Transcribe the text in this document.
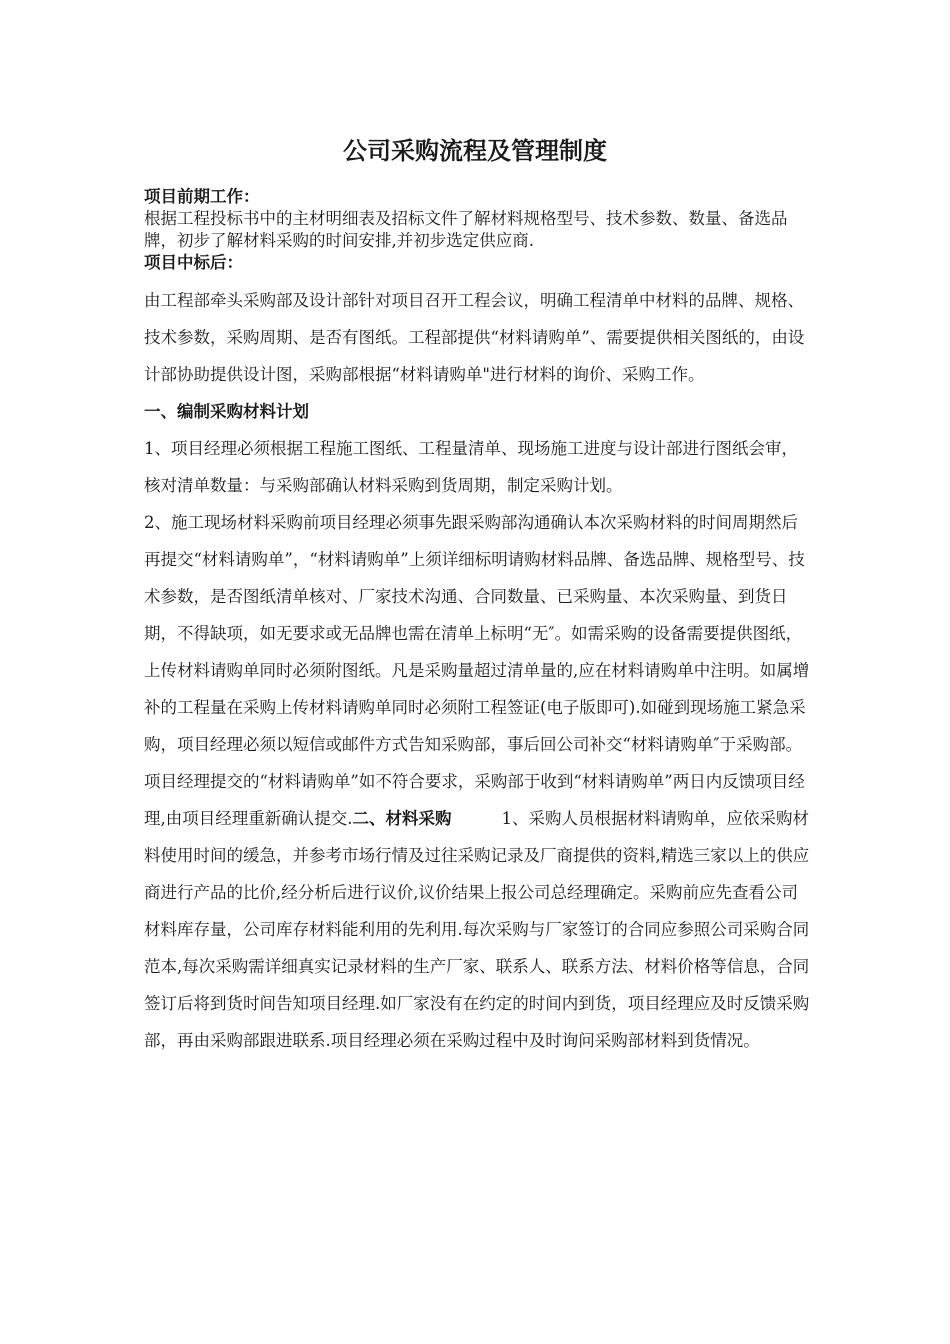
公司采购流程及管理制度

项目前期工作：

根据工程投标书中的主材明细表及招标文件了解材料规格型号、技术参数、数量、备选品牌，初步了解材料采购的时间安排,并初步选定供应商.

项目中标后：

由工程部牵头采购部及设计部针对项目召开工程会议，明确工程清单中材料的品牌、规格、技术参数，采购周期、是否有图纸。工程部提供“材料请购单”、需要提供相关图纸的，由设计部协助提供设计图，采购部根据“材料请购单"进行材料的询价、采购工作。

一、编制采购材料计划

1、项目经理必须根据工程施工图纸、工程量清单、现场施工进度与设计部进行图纸会审，核对清单数量：与采购部确认材料采购到货周期，制定采购计划。

2、施工现场材料采购前项目经理必须事先跟采购部沟通确认本次采购材料的时间周期然后再提交“材料请购单”，“材料请购单”上须详细标明请购材料品牌、备选品牌、规格型号、技术参数，是否图纸清单核对、厂家技术沟通、合同数量、已采购量、本次采购量、到货日期，不得缺项，如无要求或无品牌也需在清单上标明“无″。如需采购的设备需要提供图纸，上传材料请购单同时必须附图纸。凡是采购量超过清单量的,应在材料请购单中注明。如属增补的工程量在采购上传材料请购单同时必须附工程签证(电子版即可).如碰到现场施工紧急采购，项目经理必须以短信或邮件方式告知采购部，事后回公司补交“材料请购单″于采购部。项目经理提交的“材料请购单”如不符合要求，采购部于收到“材料请购单”两日内反馈项目经理,由项目经理重新确认提交.二、材料采购	1、采购人员根据材料请购单，应依采购材料使用时间的缓急，并参考市场行情及过往采购记录及厂商提供的资料,精选三家以上的供应商进行产品的比价,经分析后进行议价,议价结果上报公司总经理确定。采购前应先查看公司材料库存量，公司库存材料能利用的先利用.每次采购与厂家签订的合同应参照公司采购合同范本,每次采购需详细真实记录材料的生产厂家、联系人、联系方法、材料价格等信息，合同签订后将到货时间告知项目经理.如厂家没有在约定的时间内到货，项目经理应及时反馈采购部，再由采购部跟进联系.项目经理必须在采购过程中及时询问采购部材料到货情况。
